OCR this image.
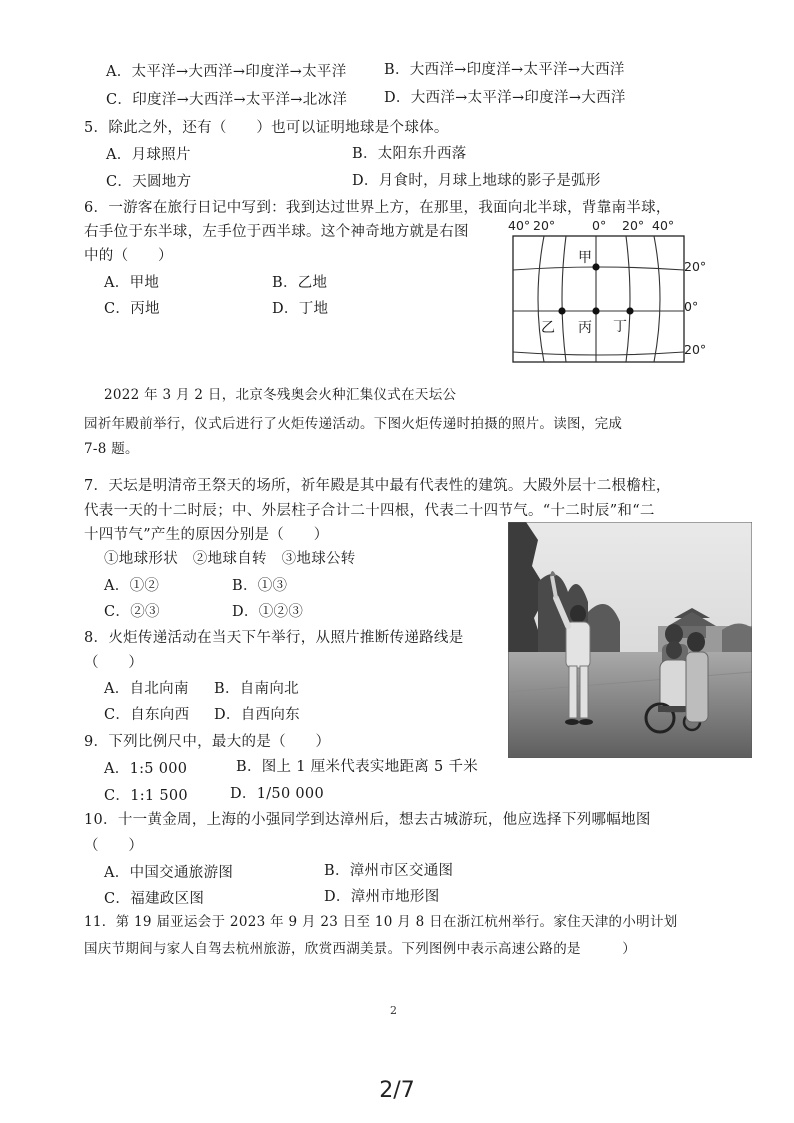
A．太平洋→大西洋→印度洋→太平洋	B．大西洋→印度洋→太平洋→大西洋
C．印度洋→大西洋→太平洋→北冰洋	D．大西洋→太平洋→印度洋→大西洋
5．除此之外，还有（　　）也可以证明地球是个球体。
A．月球照片	B．太阳东升西落
C．天圆地方	D．月食时，月球上地球的影子是弧形
6．一游客在旅行日记中写到：我到达过世界上方，在那里，我面向北半球，背靠南半球，
右手位于东半球，左手位于西半球。这个神奇地方就是右图
中的（　　）
A．甲地	B．乙地
C．丙地	D．丁地
40° 20°	0° 20° 40°
20°
0°
20°
甲
乙 丙 丁
2022 年 3 月 2 日，北京冬残奥会火种汇集仪式在天坛公
园祈年殿前举行，仪式后进行了火炬传递活动。下图火炬传递时拍摄的照片。读图，完成
7-8 题。
7．天坛是明清帝王祭天的场所，祈年殿是其中最有代表性的建筑。大殿外层十二根檐柱，
代表一天的十二时辰；中、外层柱子合计二十四根，代表二十四节气。“十二时辰”和“二
十四节气”产生的原因分别是（　　）
①地球形状　②地球自转　③地球公转
A．①②	B．①③
C．②③	D．①②③
8．火炬传递活动在当天下午举行，从照片推断传递路线是
（　　）
A．自北向南 B．自南向北
C．自东向西 D．自西向东
9．下列比例尺中，最大的是（　　）
A．1:5 000	B．图上 1 厘米代表实地距离 5 千米
C．1:1 500	D．1/50 000
10．十一黄金周，上海的小强同学到达漳州后，想去古城游玩，他应选择下列哪幅地图
（　　）
A．中国交通旅游图	B．漳州市区交通图
C．福建政区图	D．漳州市地形图
11．第 19 届亚运会于 2023 年 9 月 23 日至 10 月 8 日在浙江杭州举行。家住天津的小明计划
国庆节期间与家人自驾去杭州旅游，欣赏西湖美景。下列图例中表示高速公路的是　　　）
2
2/7
